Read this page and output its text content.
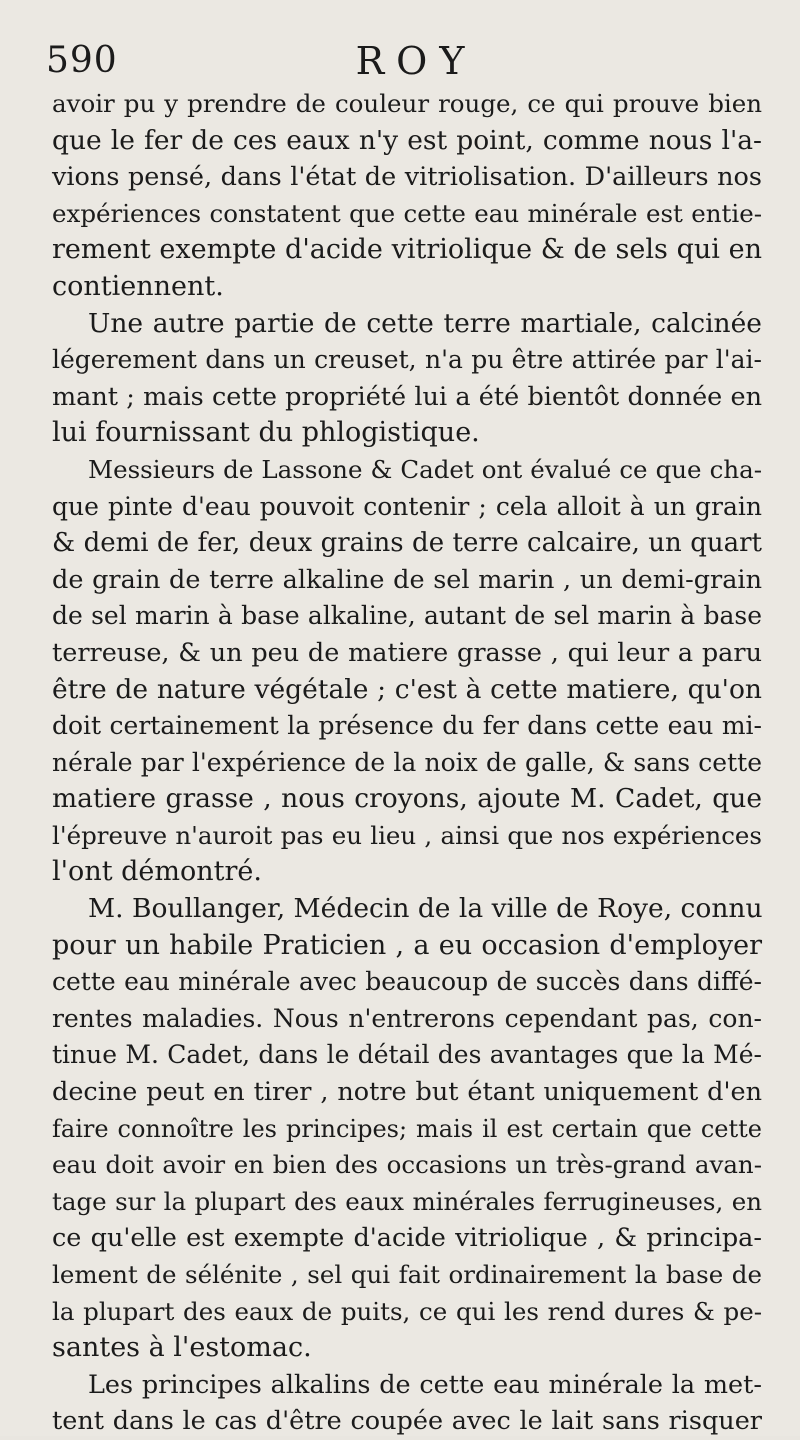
590	ROY
avoir pu y prendre de couleur rouge, ce qui prouve bien
que le fer de ces eaux n'y est point, comme nous l'a-
vions pensé, dans l'état de vitriolisation. D'ailleurs nos
expériences constatent que cette eau minérale est entie-
rement exempte d'acide vitriolique & de sels qui en
contiennent.
Une autre partie de cette terre martiale, calcinée
légerement dans un creuset, n'a pu être attirée par l'ai-
mant ; mais cette propriété lui a été bientôt donnée en
lui fournissant du phlogistique.
Messieurs de Lassone & Cadet ont évalué ce que cha-
que pinte d'eau pouvoit contenir ; cela alloit à un grain
& demi de fer, deux grains de terre calcaire, un quart
de grain de terre alkaline de sel marin , un demi-grain
de sel marin à base alkaline, autant de sel marin à base
terreuse, & un peu de matiere grasse , qui leur a paru
être de nature végétale ; c'est à cette matiere, qu'on
doit certainement la présence du fer dans cette eau mi-
nérale par l'expérience de la noix de galle, & sans cette
matiere grasse , nous croyons, ajoute M. Cadet, que
l'épreuve n'auroit pas eu lieu , ainsi que nos expériences
l'ont démontré.
M. Boullanger, Médecin de la ville de Roye, connu
pour un habile Praticien , a eu occasion d'employer
cette eau minérale avec beaucoup de succès dans diffé-
rentes maladies. Nous n'entrerons cependant pas, con-
tinue M. Cadet, dans le détail des avantages que la Mé-
decine peut en tirer , notre but étant uniquement d'en
faire connoître les principes; mais il est certain que cette
eau doit avoir en bien des occasions un très-grand avan-
tage sur la plupart des eaux minérales ferrugineuses, en
ce qu'elle est exempte d'acide vitriolique , & principa-
lement de sélénite , sel qui fait ordinairement la base de
la plupart des eaux de puits, ce qui les rend dures & pe-
santes à l'estomac.
Les principes alkalins de cette eau minérale la met-
tent dans le cas d'être coupée avec le lait sans risquer
